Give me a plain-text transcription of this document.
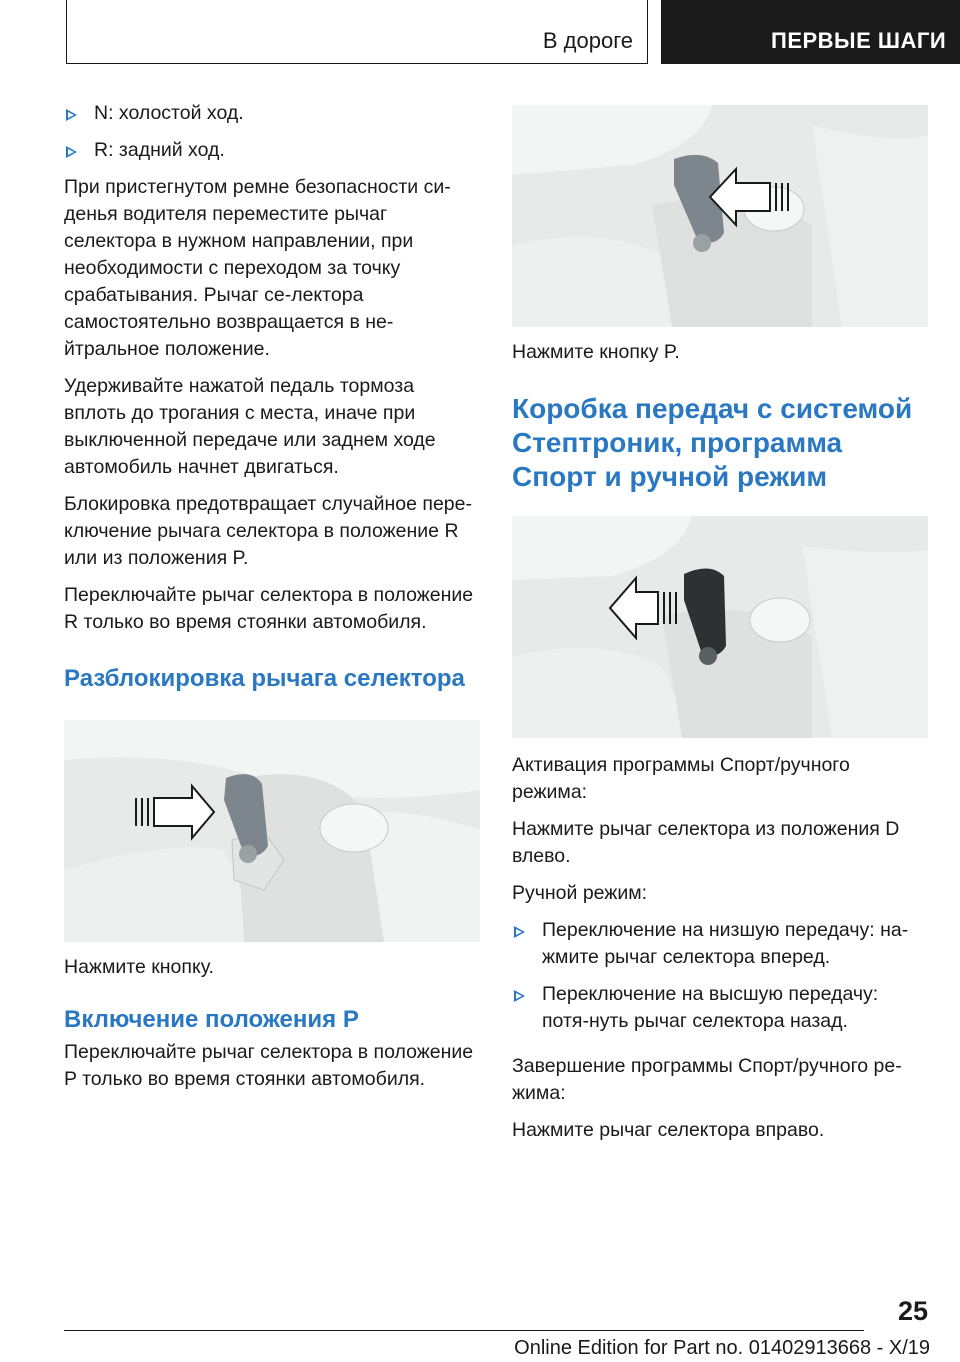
В дороге	ПЕРВЫЕ ШАГИ
N: холостой ход.
R: задний ход.

При пристегнутом ремне безопасности си-денья водителя переместите рычаг селектора в нужном направлении, при необходимости с переходом за точку срабатывания. Рычаг се-лектора самостоятельно возвращается в не-йтральное положение.

Удерживайте нажатой педаль тормоза вплоть до трогания с места, иначе при выключенной передаче или заднем ходе автомобиль начнет двигаться.

Блокировка предотвращает случайное пере-ключение рычага селектора в положение R или из положения P.

Переключайте рычаг селектора в положение R только во время стоянки автомобиля.

Разблокировка рычага селектора

Нажмите кнопку.

Включение положения P

Переключайте рычаг селектора в положение P только во время стоянки автомобиля.

Нажмите кнопку P.

Коробка передач с системой Стептроник, программа Спорт и ручной режим

Активация программы Спорт/ручного режима:

Нажмите рычаг селектора из положения D влево.

Ручной режим:

Переключение на низшую передачу: на-жмите рычаг селектора вперед.
Переключение на высшую передачу: потя-нуть рычаг селектора назад.

Завершение программы Спорт/ручного ре-жима:

Нажмите рычаг селектора вправо.

25
Online Edition for Part no. 01402913668 - X/19
